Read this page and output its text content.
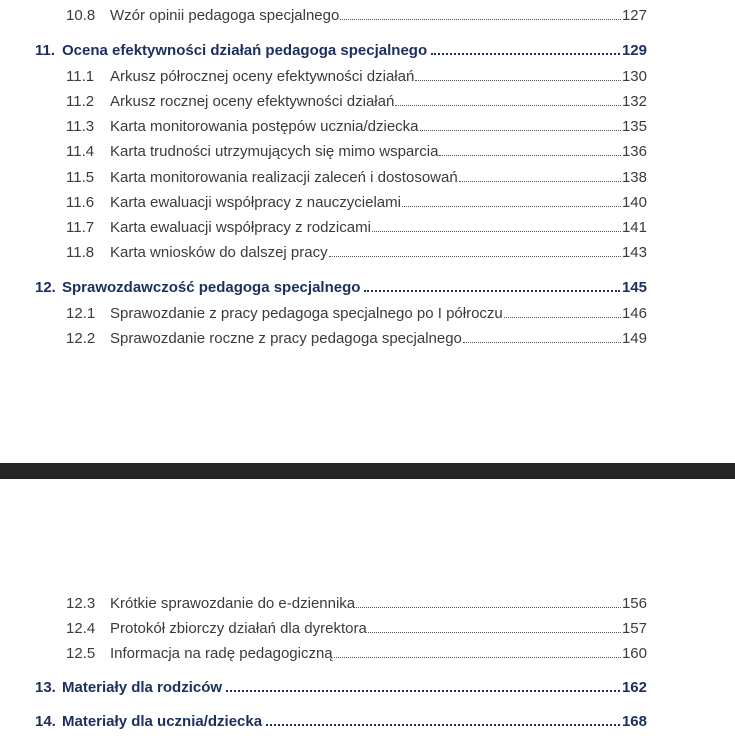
10.8 Wzór opinii pedagoga specjalnego	127
11. Ocena efektywności działań pedagoga specjalnego	129
11.1	Arkusz półrocznej oceny efektywności działań	130
11.2	Arkusz rocznej oceny efektywności działań	132
11.3	Karta monitorowania postępów ucznia/dziecka	135
11.4	Karta trudności utrzymujących się mimo wsparcia	136
11.5	Karta monitorowania realizacji zaleceń i dostosowań	138
11.6	Karta ewaluacji współpracy z nauczycielami	140
11.7	Karta ewaluacji współpracy z rodzicami	141
11.8	Karta wniosków do dalszej pracy	143
12. Sprawozdawczość pedagoga specjalnego	145
12.1 Sprawozdanie z pracy pedagoga specjalnego po I półroczu	146
12.2 Sprawozdanie roczne z pracy pedagoga specjalnego	149
12.3 Krótkie sprawozdanie do e-dziennika	156
12.4 Protokół zbiorczy działań dla dyrektora	157
12.5 Informacja na radę pedagogiczną	160
13. Materiały dla rodziców	162
14. Materiały dla ucznia/dziecka	168
